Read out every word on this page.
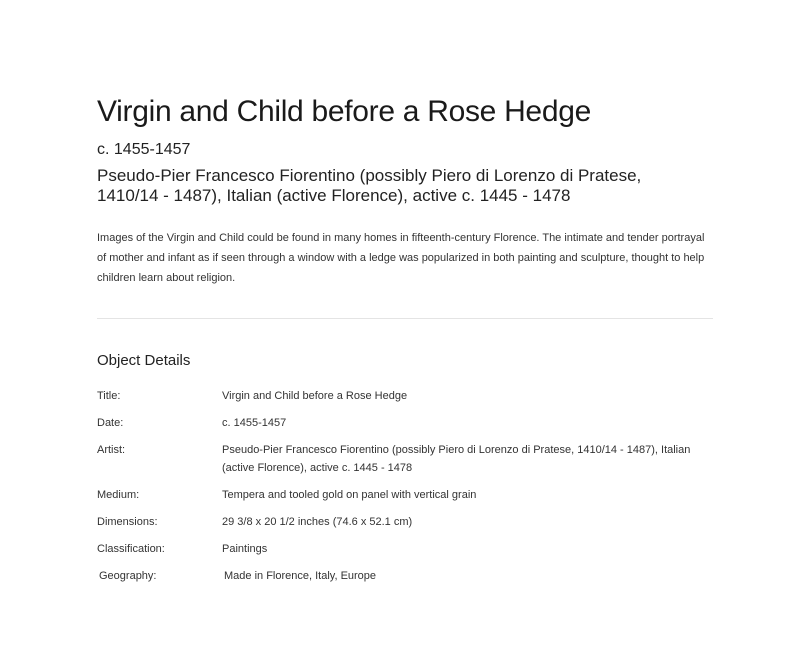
Virgin and Child before a Rose Hedge
c. 1455-1457
Pseudo-Pier Francesco Fiorentino (possibly Piero di Lorenzo di Pratese, 1410/14 - 1487), Italian (active Florence), active c. 1445 - 1478

Images of the Virgin and Child could be found in many homes in fifteenth-century Florence. The intimate and tender portrayal of mother and infant as if seen through a window with a ledge was popularized in both painting and sculpture, thought to help children learn about religion.

Object Details
Title:	Virgin and Child before a Rose Hedge
Date:	c. 1455-1457
Artist:	Pseudo-Pier Francesco Fiorentino (possibly Piero di Lorenzo di Pratese, 1410/14 - 1487), Italian (active Florence), active c. 1445 - 1478
Medium:	Tempera and tooled gold on panel with vertical grain
Dimensions:	29 3/8 x 20 1/2 inches (74.6 x 52.1 cm)
Classification:	Paintings
Geography:	Made in Florence, Italy, Europe
